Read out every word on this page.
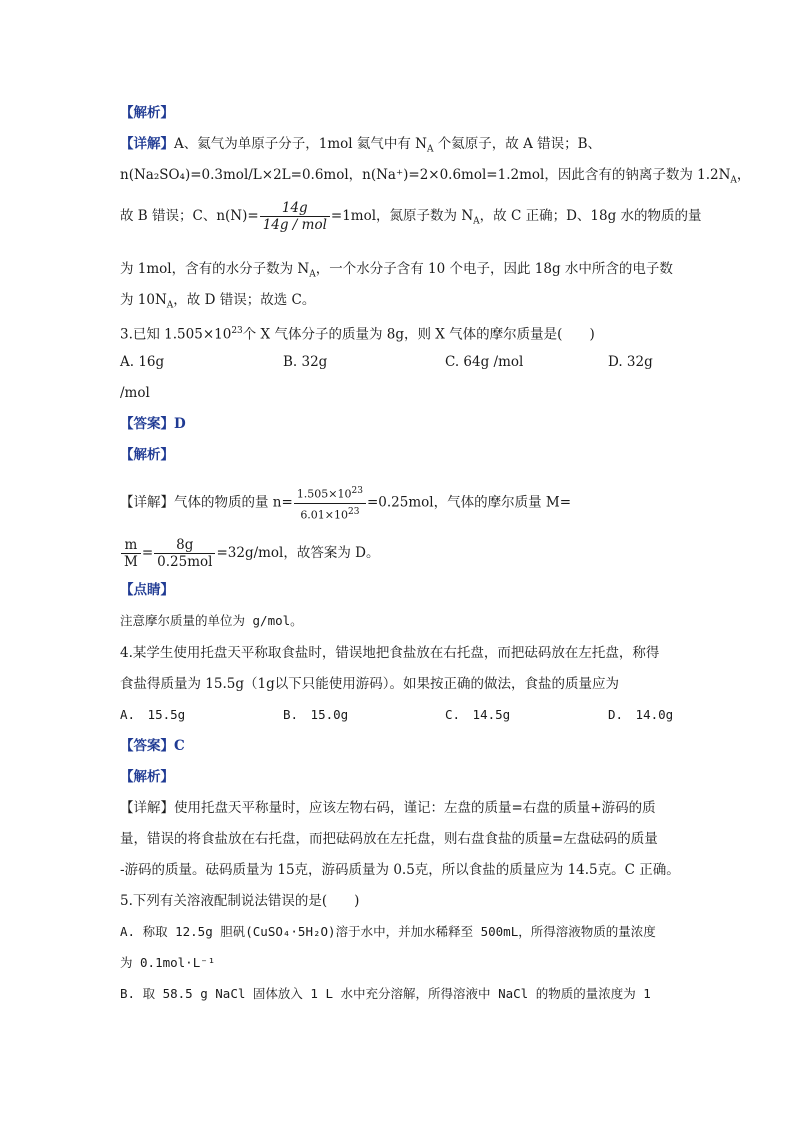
【解析】
【详解】A、氦气为单原子分子，1mol 氦气中有 $N_A$ 个氦原子，故 A 错误；B、
n(Na₂SO₄)=0.3mol/L×2L=0.6mol，n(Na⁺)=2×0.6mol=1.2mol，因此含有的钠离子数为 $1.2N_A$，
故 B 错误；C、$n(N)= \frac{14g}{\text{14g / mol}} =1mol$，氮原子数为 $N_A$，故 C 正确；D、18g 水的物质的量
为 1mol，含有的水分子数为 $N_A$，一个水分子含有 10 个电子，因此 18g 水中所含的电子数
为 $10N_A$，故 D 错误；故选 C。
3.已知 $1.505\times 10^{23}$个 X 气体分子的质量为 8g，则 X 气体的摩尔质量是(　　)
A. 16g	B. 32g	C. 64g /mol	D. 32g
/mol
【答案】D
【解析】
【详解】气体的物质的量 $n= \frac{1.505\times 10^{23}}{6.01\times 10^{23}} =0.25mol$，气体的摩尔质量 M=
$\frac{m}{M} = \frac{8g}{\text{0.25mol}} =32g/mol$，故答案为 D。
【点睛】
注意摩尔质量的单位为 g/mol。
4.某学生使用托盘天平称取食盐时，错误地把食盐放在右托盘，而把砝码放在左托盘，称得
食盐得质量为 15.5g（1g以下只能使用游码）。如果按正确的做法，食盐的质量应为
A.　15.5g	B.　15.0g	C.　14.5g	D.　14.0g
【答案】C
【解析】
【详解】使用托盘天平称量时，应该左物右码，谨记：左盘的质量=右盘的质量+游码的质
量，错误的将食盐放在右托盘，而把砝码放在左托盘，则右盘食盐的质量=左盘砝码的质量
-游码的质量。砝码质量为 15克，游码质量为 0.5克，所以食盐的质量应为 14.5克。C 正确。
5.下列有关溶液配制说法错误的是(　　)
A. 称取 12.5g 胆矾(CuSO₄·5H₂O)溶于水中，并加水稀释至 500mL，所得溶液物质的量浓度
为 0.1mol·L⁻¹
B. 取 58.5 g NaCl 固体放入 1 L 水中充分溶解，所得溶液中 NaCl 的物质的量浓度为 1
